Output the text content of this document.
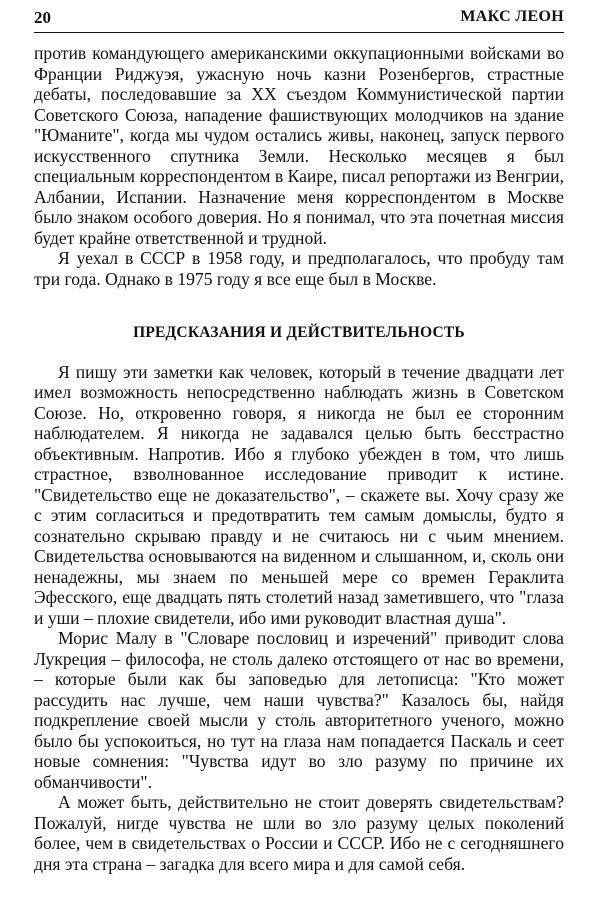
20	МАКС ЛЕОН

против командующего американскими оккупационными войсками во Франции Риджуэя, ужасную ночь казни Розенбергов, страстные дебаты, последовавшие за XX съездом Коммунистической партии Советского Союза, нападение фашиствующих молодчиков на здание "Юманите", когда мы чудом остались живы, наконец, запуск первого искусственного спутника Земли. Несколько месяцев я был специальным корреспондентом в Каире, писал репортажи из Венгрии, Албании, Испании. Назначение меня корреспондентом в Москве было знаком особого доверия. Но я понимал, что эта почетная миссия будет крайне ответственной и трудной.

Я уехал в СССР в 1958 году, и предполагалось, что пробуду там три года. Однако в 1975 году я все еще был в Москве.

ПРЕДСКАЗАНИЯ И ДЕЙСТВИТЕЛЬНОСТЬ

Я пишу эти заметки как человек, который в течение двадцати лет имел возможность непосредственно наблюдать жизнь в Советском Союзе. Но, откровенно говоря, я никогда не был ее сторонним наблюдателем. Я никогда не задавался целью быть бесстрастно объективным. Напротив. Ибо я глубоко убежден в том, что лишь страстное, взволнованное исследование приводит к истине. "Свидетельство еще не доказательство", – скажете вы. Хочу сразу же с этим согласиться и предотвратить тем самым домыслы, будто я сознательно скрываю правду и не считаюсь ни с чьим мнением. Свидетельства основываются на виденном и слышанном, и, сколь они ненадежны, мы знаем по меньшей мере со времен Гераклита Эфесского, еще двадцать пять столетий назад заметившего, что "глаза и уши – плохие свидетели, ибо ими руководит властная душа".

Морис Малу в "Словаре пословиц и изречений" приводит слова Лукреция – философа, не столь далеко отстоящего от нас во времени, – которые были как бы заповедью для летописца: "Кто может рассудить нас лучше, чем наши чувства?" Казалось бы, найдя подкрепление своей мысли у столь авторитетного ученого, можно было бы успокоиться, но тут на глаза нам попадается Паскаль и сеет новые сомнения: "Чувства идут во зло разуму по причине их обманчивости".

А может быть, действительно не стоит доверять свидетельствам? Пожалуй, нигде чувства не шли во зло разуму целых поколений более, чем в свидетельствах о России и СССР. Ибо не с сегодняшнего дня эта страна – загадка для всего мира и для самой себя.
